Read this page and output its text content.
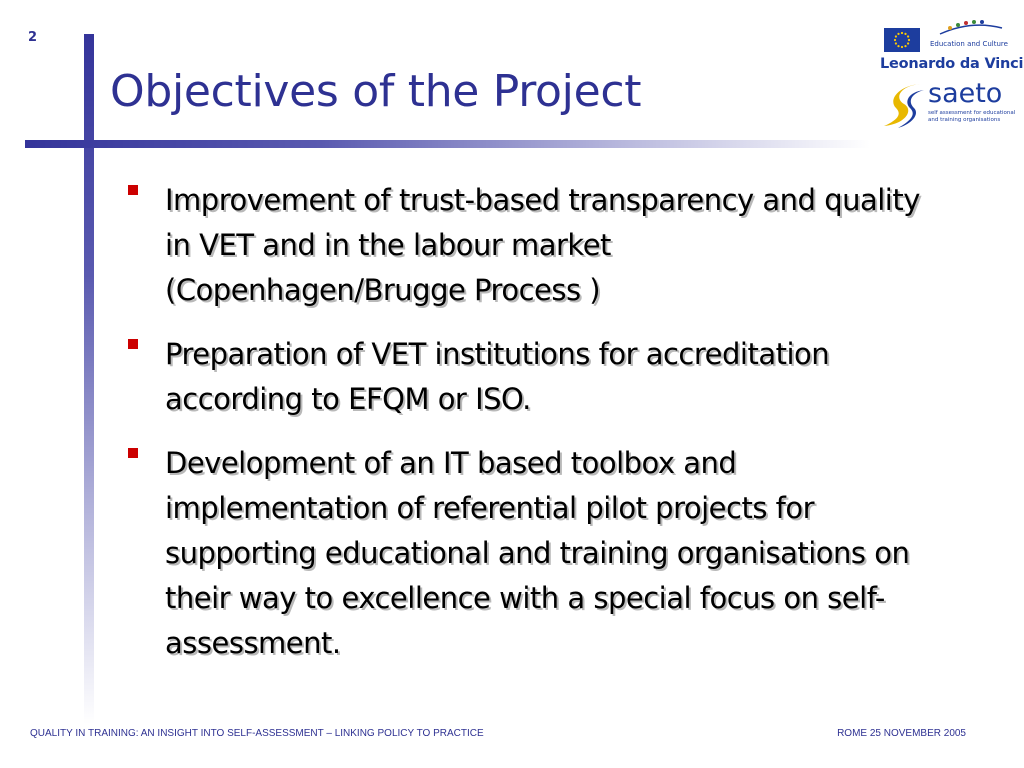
2
Objectives of the Project
Education and Culture
Leonardo da Vinci
saeto
self assessment for educational and training organisations
Improvement of trust-based transparency and quality
in VET and in the labour market
(Copenhagen/Brugge Process )
Preparation of VET institutions for accreditation
according to EFQM or ISO.
Development of an IT based toolbox and
implementation of referential pilot projects for
supporting educational and training organisations on
their way to excellence with a special focus on self-
assessment.
QUALITY IN TRAINING: AN INSIGHT INTO SELF-ASSESSMENT – LINKING POLICY TO PRACTICE	ROME 25 NOVEMBER 2005
